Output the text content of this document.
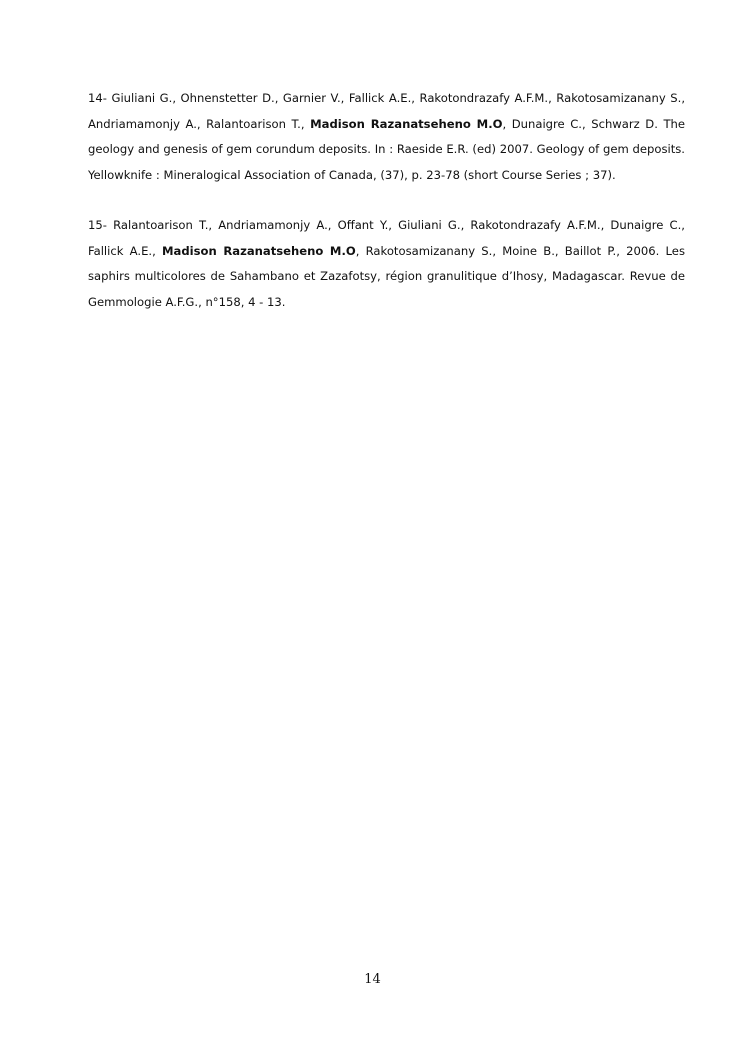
14- Giuliani G., Ohnenstetter D., Garnier V., Fallick A.E., Rakotondrazafy A.F.M., Rakotosamizanany S., Andriamamonjy A., Ralantoarison T., Madison Razanatseheno M.O, Dunaigre C., Schwarz D. The geology and genesis of gem corundum deposits. In : Raeside E.R. (ed) 2007. Geology of gem deposits. Yellowknife : Mineralogical Association of Canada, (37), p. 23-78 (short Course Series ; 37).

15- Ralantoarison T., Andriamamonjy A., Offant Y., Giuliani G., Rakotondrazafy A.F.M., Dunaigre C., Fallick A.E., Madison Razanatseheno M.O, Rakotosamizanany S., Moine B., Baillot P., 2006. Les saphirs multicolores de Sahambano et Zazafotsy, région granulitique d’Ihosy, Madagascar. Revue de Gemmologie A.F.G., n°158, 4 - 13.

14
